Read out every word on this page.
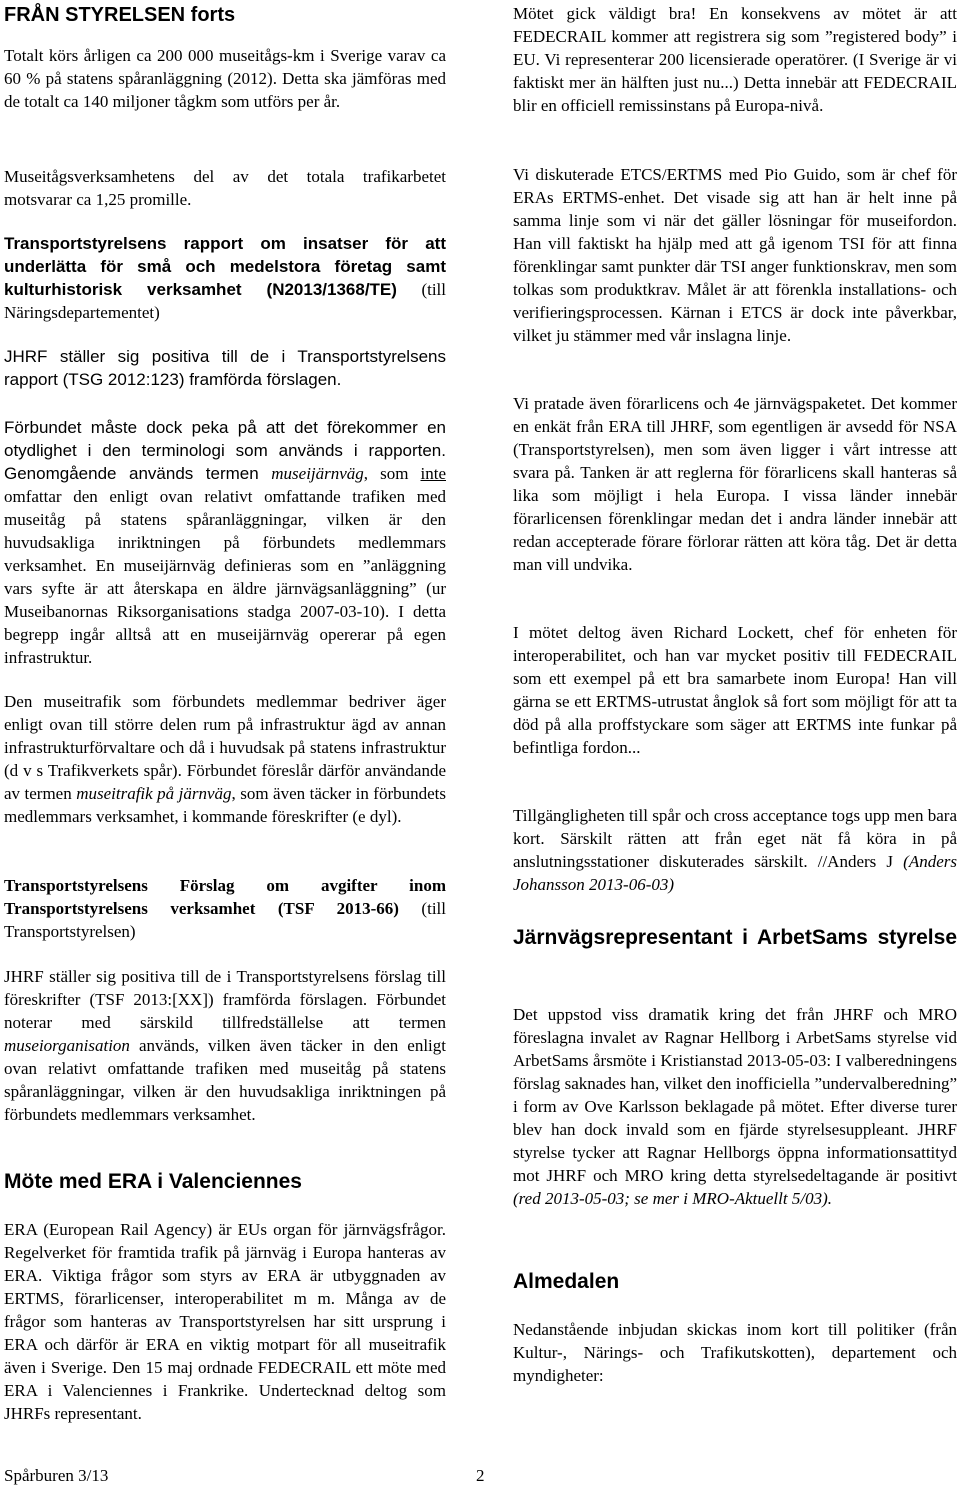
FRÅN STYRELSEN forts

Totalt körs årligen ca 200 000 museitågs-km i Sverige varav ca 60 % på statens spåranläggning (2012). Detta ska jämföras med de totalt ca 140 miljoner tågkm som utförs per år.

Museitågsverksamhetens del av det totala trafikarbetet motsvarar ca 1,25 promille.

Transportstyrelsens rapport om insatser för att underlätta för små och medelstora företag samt kulturhistorisk verksamhet (N2013/1368/TE) (till Näringsdepartementet)

JHRF ställer sig positiva till de i Transportstyrelsens rapport (TSG 2012:123) framförda förslagen.

Förbundet måste dock peka på att det förekommer en otydlighet i den terminologi som används i rapporten. Genomgående används termen museijärnväg, som inte omfattar den enligt ovan relativt omfattande trafiken med museitåg på statens spåranläggningar, vilken är den huvudsakliga inriktningen på förbundets medlemmars verksamhet. En museijärnväg definieras som en ”anläggning vars syfte är att återskapa en äldre järnvägsanläggning” (ur Museibanornas Riksorganisations stadga 2007-03-10). I detta begrepp ingår alltså att en museijärnväg opererar på egen infrastruktur.

Den museitrafik som förbundets medlemmar bedriver äger enligt ovan till större delen rum på infrastruktur ägd av annan infrastrukturförvaltare och då i huvudsak på statens infrastruktur (d v s Trafikverkets spår). Förbundet föreslår därför användande av termen museitrafik på järnväg, som även täcker in förbundets medlemmars verksamhet, i kommande föreskrifter (e dyl).

Transportstyrelsens Förslag om avgifter inom Transportstyrelsens verksamhet (TSF 2013-66) (till Transportstyrelsen)

JHRF ställer sig positiva till de i Transportstyrelsens förslag till föreskrifter (TSF 2013:[XX]) framförda förslagen. Förbundet noterar med särskild tillfredställelse att termen museiorganisation används, vilken även täcker in den enligt ovan relativt omfattande trafiken med museitåg på statens spåranläggningar, vilken är den huvudsakliga inriktningen på förbundets medlemmars verksamhet.

Möte med ERA i Valenciennes

ERA (European Rail Agency) är EUs organ för järnvägsfrågor. Regelverket för framtida trafik på järnväg i Europa hanteras av ERA. Viktiga frågor som styrs av ERA är utbyggnaden av ERTMS, förarlicenser, interoperabilitet m m. Många av de frågor som hanteras av Transportstyrelsen har sitt ursprung i ERA och därför är ERA en viktig motpart för all museitrafik även i Sverige. Den 15 maj ordnade FEDECRAIL ett möte med ERA i Valenciennes i Frankrike. Undertecknad deltog som JHRFs representant.

Mötet gick väldigt bra! En konsekvens av mötet är att FEDECRAIL kommer att registrera sig som ”registered body” i EU. Vi representerar 200 licensierade operatörer. (I Sverige är vi faktiskt mer än hälften just nu...) Detta innebär att FEDECRAIL blir en officiell remissinstans på Europa-nivå.

Vi diskuterade ETCS/ERTMS med Pio Guido, som är chef för ERAs ERTMS-enhet. Det visade sig att han är helt inne på samma linje som vi när det gäller lösningar för museifordon. Han vill faktiskt ha hjälp med att gå igenom TSI för att finna förenklingar samt punkter där TSI anger funktionskrav, men som tolkas som produktkrav. Målet är att förenkla installations- och verifieringsprocessen. Kärnan i ETCS är dock inte påverkbar, vilket ju stämmer med vår inslagna linje.

Vi pratade även förarlicens och 4e järnvägspaketet. Det kommer en enkät från ERA till JHRF, som egentligen är avsedd för NSA (Transportstyrelsen), men som även ligger i vårt intresse att svara på. Tanken är att reglerna för förarlicens skall hanteras så lika som möjligt i hela Europa. I vissa länder innebär förarlicensen förenklingar medan det i andra länder innebär att redan accepterade förare förlorar rätten att köra tåg. Det är detta man vill undvika.

I mötet deltog även Richard Lockett, chef för enheten för interoperabilitet, och han var mycket positiv till FEDECRAIL som ett exempel på ett bra samarbete inom Europa! Han vill gärna se ett ERTMS-utrustat ånglok så fort som möjligt för att ta död på alla proffstyckare som säger att ERTMS inte funkar på befintliga fordon...

Tillgängligheten till spår och cross acceptance togs upp men bara kort. Särskilt rätten att från eget nät få köra in på anslutningsstationer diskuterades särskilt. //Anders J (Anders Johansson 2013-06-03)

Järnvägsrepresentant i ArbetSams styrelse

Det uppstod viss dramatik kring det från JHRF och MRO föreslagna invalet av Ragnar Hellborg i ArbetSams styrelse vid ArbetSams årsmöte i Kristianstad 2013-05-03: I valberedningens förslag saknades han, vilket den inofficiella ”undervalberedning” i form av Ove Karlsson beklagade på mötet. Efter diverse turer blev han dock invald som en fjärde styrelsesuppleant. JHRF styrelse tycker att Ragnar Hellborgs öppna informationsattityd mot JHRF och MRO kring detta styrelsedeltagande är positivt (red 2013-05-03; se mer i MRO-Aktuellt 5/03).

Almedalen

Nedanstående inbjudan skickas inom kort till politiker (från Kultur-, Närings- och Trafikutskotten), departement och myndigheter:

Spårburen 3/13	2
